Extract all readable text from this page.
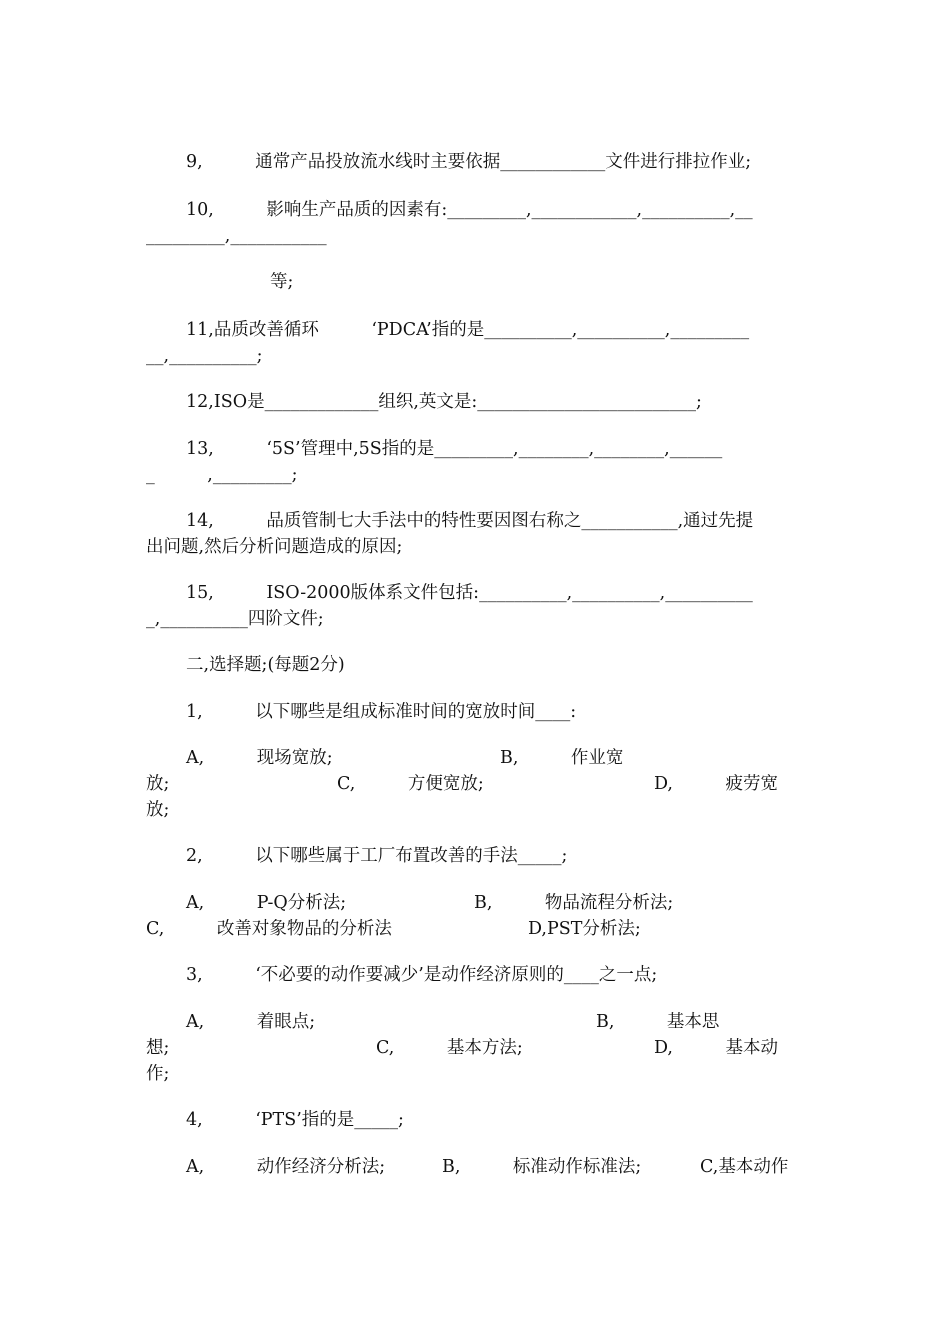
9,　　　通常产品投放流水线时主要依据____________文件进行排拉作业;
10,　　　影响生产品质的因素有:_________,____________,__________,__
_________,___________
等;
11,品质改善循环　　　‘PDCA’指的是__________,__________,_________
__,__________;
12,ISO是_____________组织,英文是:_________________________;
13,　　　‘5S’管理中,5S指的是_________,________,________,______
_　　　,_________;
14,　　　品质管制七大手法中的特性要因图右称之___________,通过先提
出问题,然后分析问题造成的原因;
15,　　　ISO-2000版体系文件包括:__________,__________,__________
_,__________四阶文件;
二,选择题;(每题2分)
1,　　　以下哪些是组成标准时间的宽放时间____:
A,　　　现场宽放;	B,　　　作业宽
放;	C,　　　方便宽放;	D,　　　疲劳宽
放;
2,　　　以下哪些属于工厂布置改善的手法_____;
A,　　　P-Q分析法;	B,　　　物品流程分析法;
C,　　　改善对象物品的分析法	D,PST分析法;
3,　　　‘不必要的动作要减少’是动作经济原则的____之一点;
A,　　　着眼点;	B,　　　基本思
想;	C,　　　基本方法;	D,　　　基本动
作;
4,　　　‘PTS’指的是_____;
A,　　　动作经济分析法;	B,　　　标准动作标准法;	C,基本动作
